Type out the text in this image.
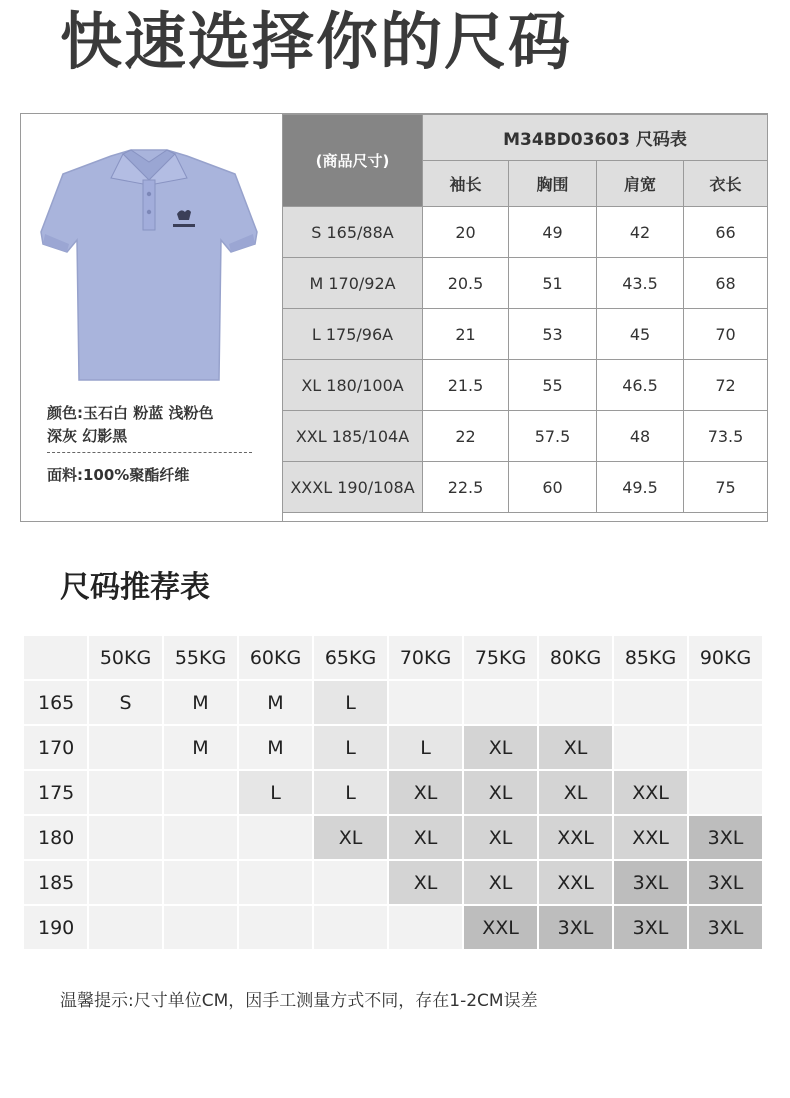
快速选择你的尺码
颜色:玉石白 粉蓝 浅粉色
深灰 幻影黑
面料:100%聚酯纤维
(商品尺寸)	M34BD03603 尺码表			
	袖长	胸围	肩宽	衣长
S 165/88A	20	49	42	66
M 170/92A	20.5	51	43.5	68
L 175/96A	21	53	45	70
XL 180/100A	21.5	55	46.5	72
XXL 185/104A	22	57.5	48	73.5
XXXL 190/108A	22.5	60	49.5	75
尺码推荐表
	50KG	55KG	60KG	65KG	70KG	75KG	80KG	85KG	90KG
165	S	M	M	L					
170		M	M	L	L	XL	XL		
175			L	L	XL	XL	XL	XXL	
180				XL	XL	XL	XXL	XXL	3XL
185					XL	XL	XXL	3XL	3XL
190						XXL	3XL	3XL	3XL
温馨提示:尺寸单位CM，因手工测量方式不同，存在1-2CM误差
